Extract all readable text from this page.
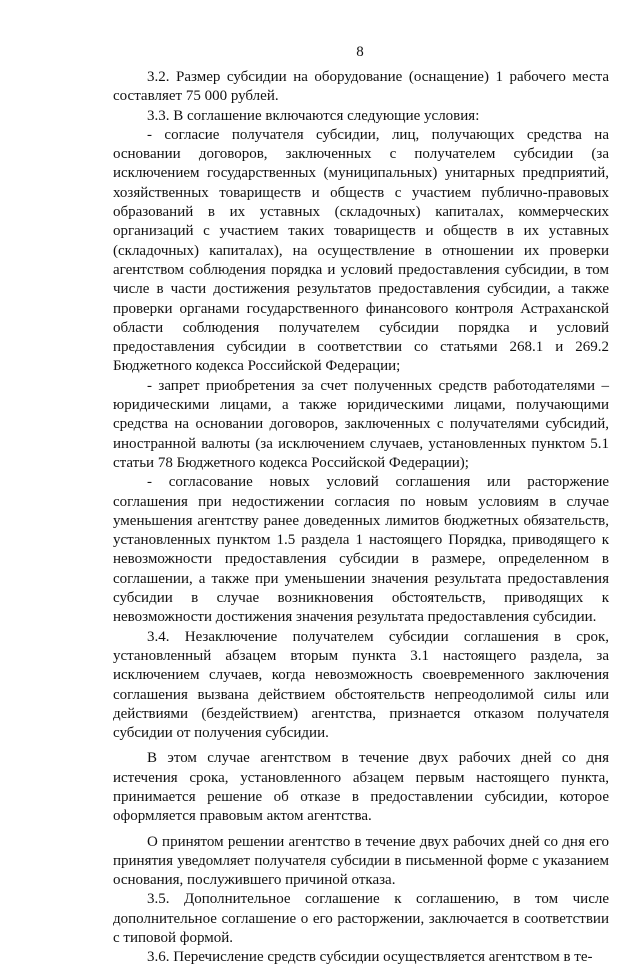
8

3.2. Размер субсидии на оборудование (оснащение) 1 рабочего места составляет 75 000 рублей.

3.3. В соглашение включаются следующие условия:

- согласие получателя субсидии, лиц, получающих средства на основании договоров, заключенных с получателем субсидии (за исключением государственных (муниципальных) унитарных предприятий, хозяйственных товариществ и обществ с участием публично-правовых образований в их уставных (складочных) капиталах, коммерческих организаций с участием таких товариществ и обществ в их уставных (складочных) капиталах), на осуществление в отношении их проверки агентством соблюдения порядка и условий предоставления субсидии, в том числе в части достижения результатов предоставления субсидии, а также проверки органами государственного финансового контроля Астраханской области соблюдения получателем субсидии порядка и условий предоставления субсидии в соответствии со статьями 268.1 и 269.2 Бюджетного кодекса Российской Федерации;

- запрет приобретения за счет полученных средств работодателями – юридическими лицами, а также юридическими лицами, получающими средства на основании договоров, заключенных с получателями субсидий, иностранной валюты (за исключением случаев, установленных пунктом 5.1 статьи 78 Бюджетного кодекса Российской Федерации);

- согласование новых условий соглашения или расторжение соглашения при недостижении согласия по новым условиям в случае уменьшения агентству ранее доведенных лимитов бюджетных обязательств, установленных пунктом 1.5 раздела 1 настоящего Порядка, приводящего к невозможности предоставления субсидии в размере, определенном в соглашении, а также при уменьшении значения результата предоставления субсидии в случае возникновения обстоятельств, приводящих к невозможности достижения значения результата предоставления субсидии.

3.4. Незаключение получателем субсидии соглашения в срок, установленный абзацем вторым пункта 3.1 настоящего раздела, за исключением случаев, когда невозможность своевременного заключения соглашения вызвана действием обстоятельств непреодолимой силы или действиями (бездействием) агентства, признается отказом получателя субсидии от получения субсидии.

В этом случае агентством в течение двух рабочих дней со дня истечения срока, установленного абзацем первым настоящего пункта, принимается решение об отказе в предоставлении субсидии, которое оформляется правовым актом агентства.

О принятом решении агентство в течение двух рабочих дней со дня его принятия уведомляет получателя субсидии в письменной форме с указанием основания, послужившего причиной отказа.

3.5. Дополнительное соглашение к соглашению, в том числе дополнительное соглашение о его расторжении, заключается в соответствии с типовой формой.

3.6. Перечисление средств субсидии осуществляется агентством в те-
